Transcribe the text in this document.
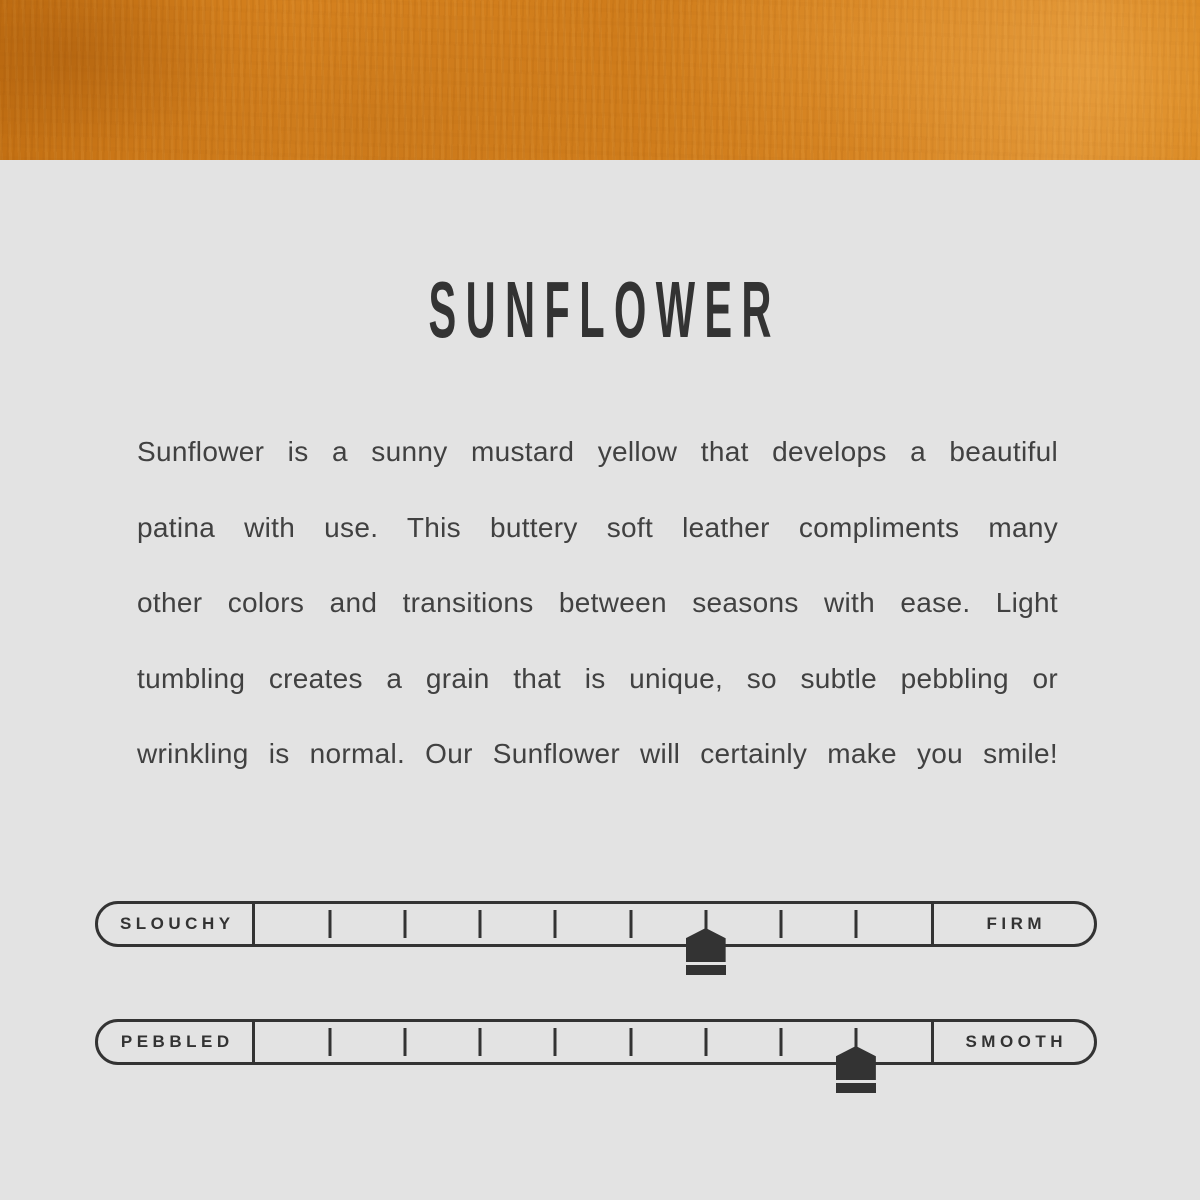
SUNFLOWER
Sunflower is a sunny mustard yellow that develops a beautiful
patina with use. This buttery soft leather compliments many
other colors and transitions between seasons with ease. Light
tumbling creates a grain that is unique, so subtle pebbling or
wrinkling is normal. Our Sunflower will certainly make you smile!
SLOUCHY	FIRM
PEBBLED	SMOOTH
